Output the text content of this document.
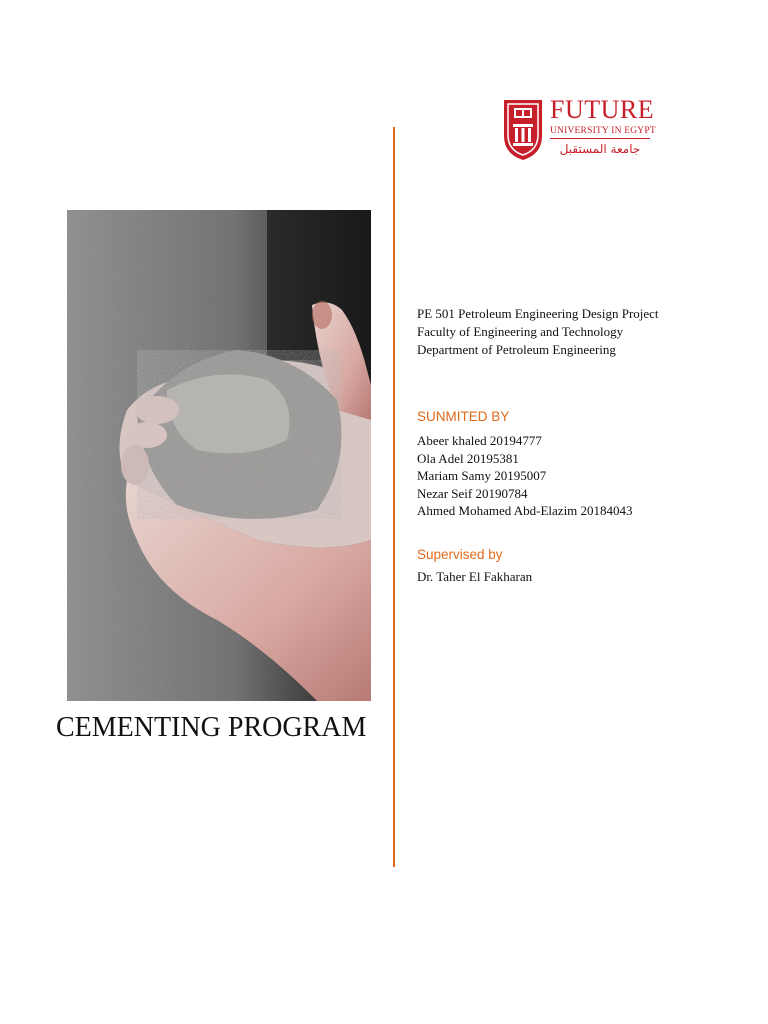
FUTURE
UNIVERSITY IN EGYPT
جامعة المستقبل
CEMENTING PROGRAM
PE 501 Petroleum Engineering Design Project
Faculty of Engineering and Technology
Department of Petroleum Engineering
SUNMITED BY
Abeer khaled 20194777
Ola Adel 20195381
Mariam Samy 20195007
Nezar Seif 20190784
Ahmed Mohamed Abd-Elazim 20184043
Supervised by
Dr. Taher El Fakharan
